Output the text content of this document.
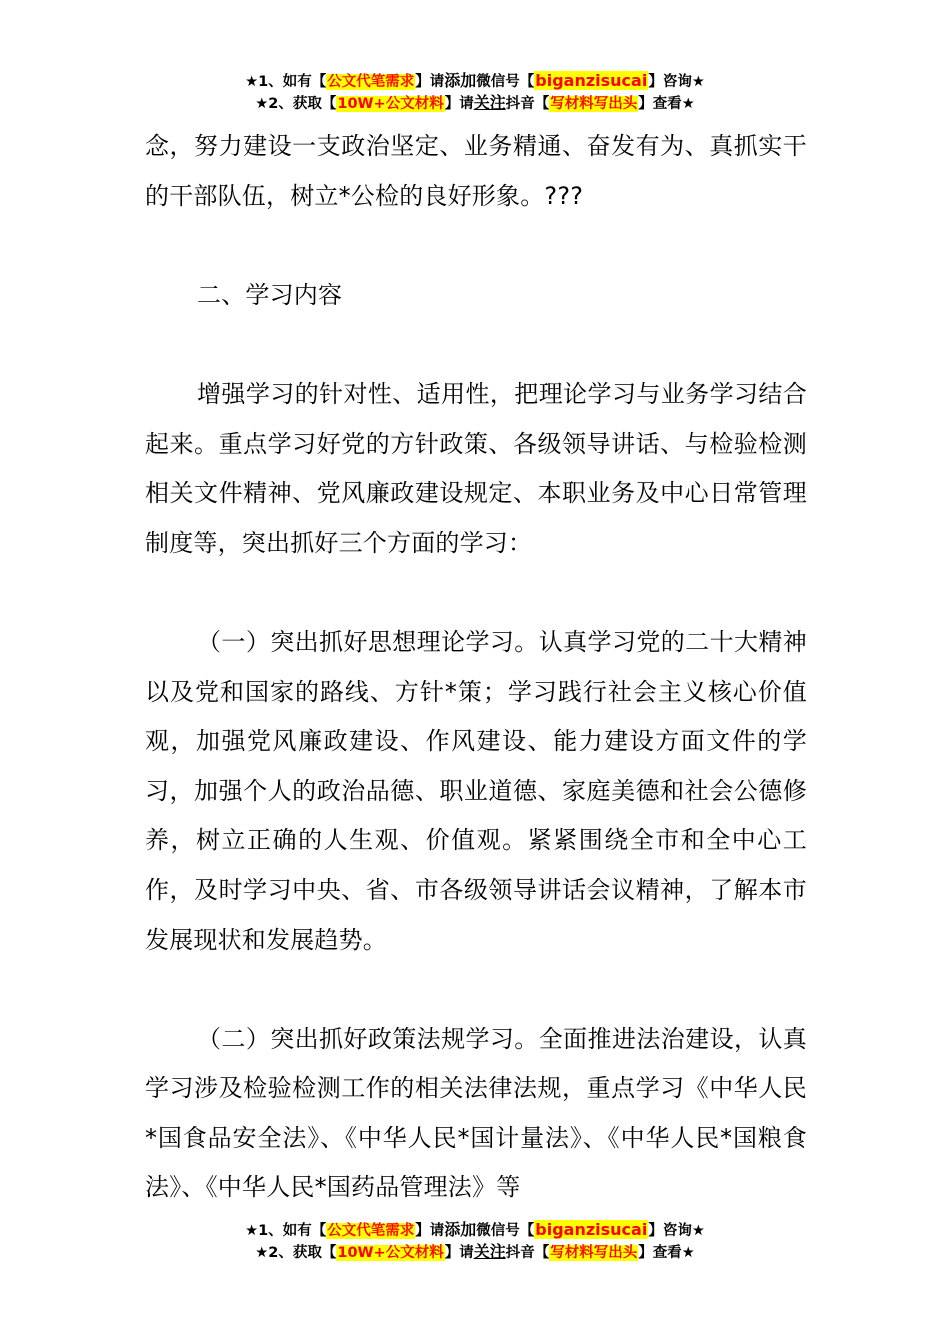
★1、如有【公文代笔需求】请添加微信号【biganzisucai】咨询★
★2、获取【10W+公文材料】请关注抖音【写材料写出头】查看★

念，努力建设一支政治坚定、业务精通、奋发有为、真抓实干的干部队伍，树立*公检的良好形象。???

二、学习内容

增强学习的针对性、适用性，把理论学习与业务学习结合起来。重点学习好党的方针政策、各级领导讲话、与检验检测相关文件精神、党风廉政建设规定、本职业务及中心日常管理制度等，突出抓好三个方面的学习：

（一）突出抓好思想理论学习。认真学习党的二十大精神以及党和国家的路线、方针*策；学习践行社会主义核心价值观，加强党风廉政建设、作风建设、能力建设方面文件的学习，加强个人的政治品德、职业道德、家庭美德和社会公德修养，树立正确的人生观、价值观。紧紧围绕全市和全中心工作，及时学习中央、省、市各级领导讲话会议精神，了解本市发展现状和发展趋势。

（二）突出抓好政策法规学习。全面推进法治建设，认真学习涉及检验检测工作的相关法律法规，重点学习《中华人民*国食品安全法》、《中华人民*国计量法》、《中华人民*国粮食法》、《中华人民*国药品管理法》等

★1、如有【公文代笔需求】请添加微信号【biganzisucai】咨询★
★2、获取【10W+公文材料】请关注抖音【写材料写出头】查看★
